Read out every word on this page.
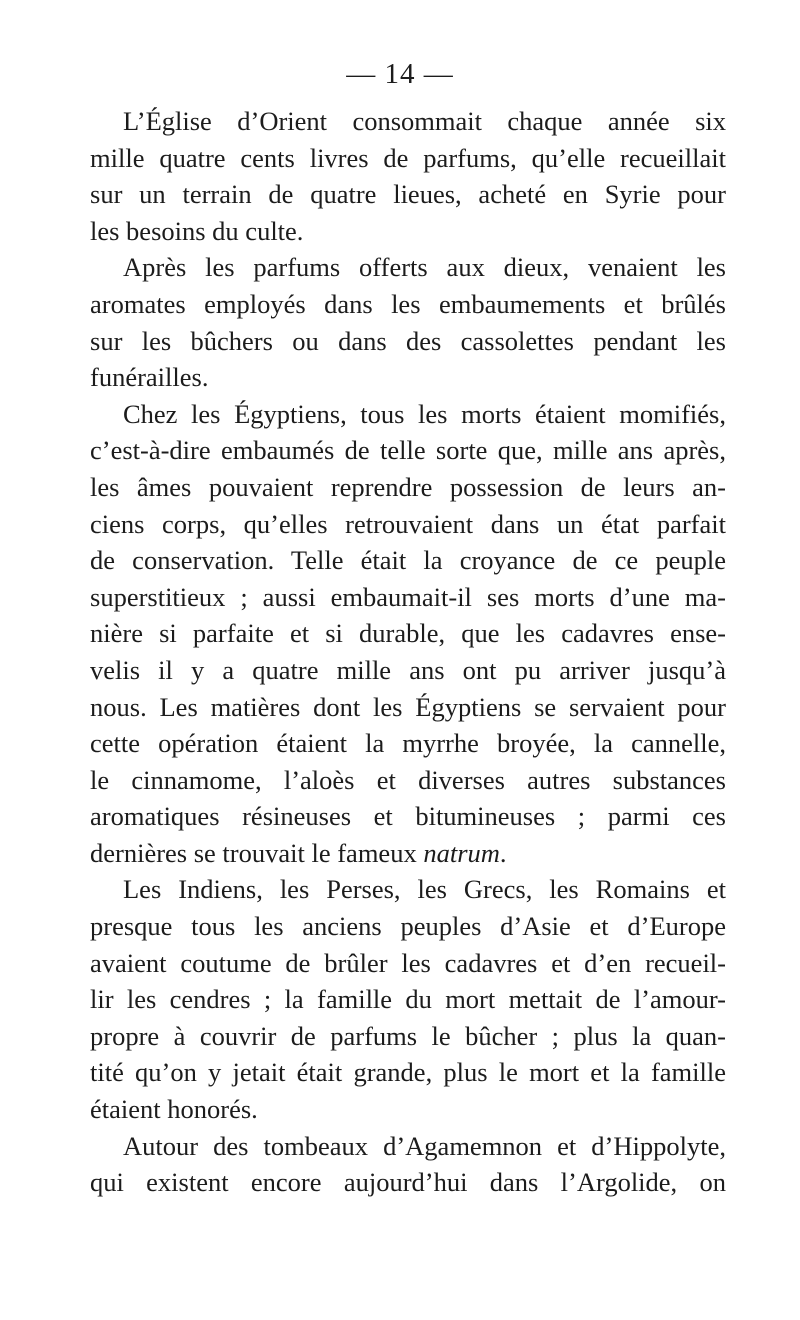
— 14 —
L’Église d’Orient consommait chaque année six
mille quatre cents livres de parfums, qu’elle recueillait
sur un terrain de quatre lieues, acheté en Syrie pour
les besoins du culte.
Après les parfums offerts aux dieux, venaient les
aromates employés dans les embaumements et brûlés
sur les bûchers ou dans des cassolettes pendant les
funérailles.
Chez les Égyptiens, tous les morts étaient momifiés,
c’est-à-dire embaumés de telle sorte que, mille ans après,
les âmes pouvaient reprendre possession de leurs an-
ciens corps, qu’elles retrouvaient dans un état parfait
de conservation. Telle était la croyance de ce peuple
superstitieux ; aussi embaumait-il ses morts d’une ma-
nière si parfaite et si durable, que les cadavres ense-
velis il y a quatre mille ans ont pu arriver jusqu’à
nous. Les matières dont les Égyptiens se servaient pour
cette opération étaient la myrrhe broyée, la cannelle,
le cinnamome, l’aloès et diverses autres substances
aromatiques résineuses et bitumineuses ; parmi ces
dernières se trouvait le fameux natrum.
Les Indiens, les Perses, les Grecs, les Romains et
presque tous les anciens peuples d’Asie et d’Europe
avaient coutume de brûler les cadavres et d’en recueil-
lir les cendres ; la famille du mort mettait de l’amour-
propre à couvrir de parfums le bûcher ; plus la quan-
tité qu’on y jetait était grande, plus le mort et la famille
étaient honorés.
Autour des tombeaux d’Agamemnon et d’Hippolyte,
qui existent encore aujourd’hui dans l’Argolide, on
